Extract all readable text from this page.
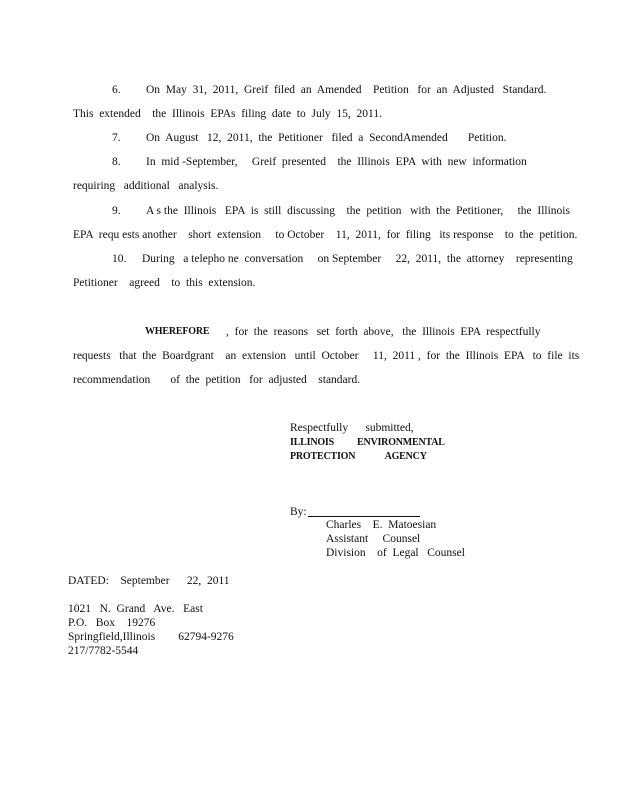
6. On  May  31,  2011,  Greif  filed  an  Amended    Petition   for  an  Adjusted   Standard.
This  extended    the  Illinois  EPAs  filing  date  to  July  15,  2011.
7. On  August   12,  2011,  the  Petitioner   filed  a  SecondAmended       Petition.
8. In  mid -September,     Greif  presented    the  Illinois  EPA  with  new  information
requiring   additional   analysis.
9. A s the  Illinois   EPA  is  still  discussing    the  petition   with  the  Petitioner,     the  Illinois
EPA  requ ests another    short  extension     to October    11,  2011,  for  filing   its response    to  the  petition.
10. During   a telepho ne  conversation     on September     22,  2011,  the  attorney    representing
Petitioner    agreed    to  this  extension.
WHEREFORE ,  for  the  reasons   set  forth  above,   the  Illinois  EPA  respectfully
requests   that  the  Boardgrant    an  extension   until  October     11,  2011 ,  for  the  Illinois  EPA   to  file  its
recommendation       of  the  petition   for  adjusted    standard.
Respectfully      submitted,
ILLINOIS          ENVIRONMENTAL
PROTECTION             AGENCY
By:
Charles    E.  Matoesian
Assistant     Counsel
Division    of  Legal   Counsel
DATED:    September      22,  2011
1021   N.  Grand   Ave.   East
P.O.   Box    19276
Springfield,Illinois        62794-9276
217/7782-5544
